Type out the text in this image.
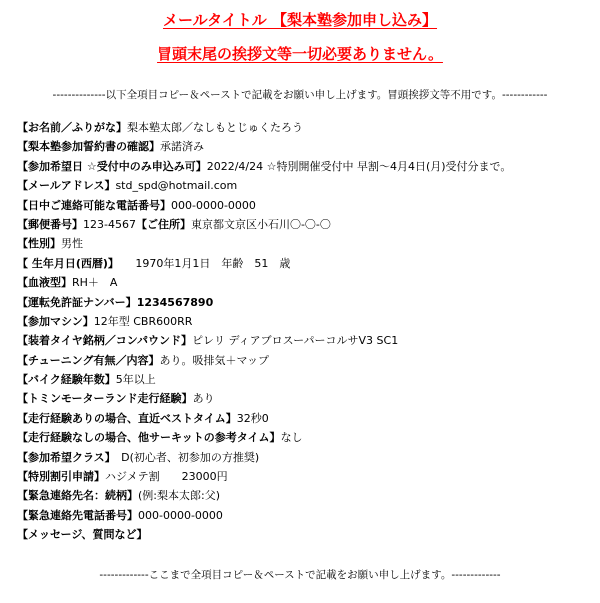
メールタイトル 【梨本塾参加申し込み】
冒頭末尾の挨拶文等一切必要ありません。
--------------以下全項目コピー＆ペーストで記載をお願い申し上げます。冒頭挨拶文等不用です。------------
【お名前／ふりがな】梨本塾太郎／なしもとじゅくたろう
【梨本塾参加誓約書の確認】承諾済み
【参加希望日 ☆受付中のみ申込み可】2022/4/24 ☆特別開催受付中 早割～4月4日(月)受付分まで。
【メールアドレス】std_spd@hotmail.com
【日中ご連絡可能な電話番号】000-0000-0000
【郵便番号】123-4567【ご住所】東京都文京区小石川〇-〇-〇
【性別】男性
【 生年月日(西暦)】　　1970年1月1日　年齢　51　歳
【血液型】RH＋　A
【運転免許証ナンバー】1234567890
【参加マシン】12年型 CBR600RR
【装着タイヤ銘柄／コンパウンド】ピレリ ディアブロスーパーコルサV3 SC1
【チューニング有無／内容】あり。吸排気＋マップ
【バイク経験年数】5年以上
【トミンモーターランド走行経験】あり
【走行経験ありの場合、直近ベストタイム】32秒0
【走行経験なしの場合、他サーキットの参考タイム】なし
【参加希望クラス】　D(初心者、初参加の方推奨)
【特別割引申請】ハジメテ割　　23000円
【緊急連絡先名：続柄】(例:梨本太郎:父)
【緊急連絡先電話番号】000-0000-0000
【メッセージ、質問など】
-------------ここまで全項目コピー＆ペーストで記載をお願い申し上げます。-------------
